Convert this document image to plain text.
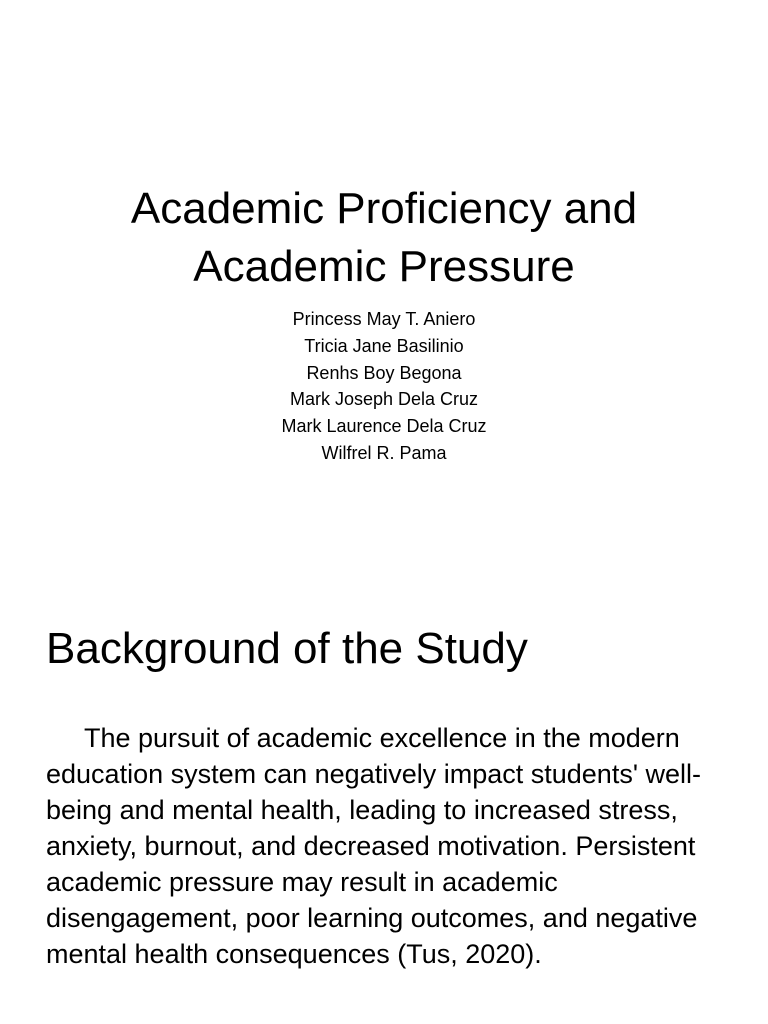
Academic Proficiency and
Academic Pressure
Princess May T. Aniero
Tricia Jane Basilinio
Renhs Boy Begona
Mark Joseph Dela Cruz
Mark Laurence Dela Cruz
Wilfrel R. Pama
Background of the Study

The pursuit of academic excellence in the modern education system can negatively impact students' well-being and mental health, leading to increased stress, anxiety, burnout, and decreased motivation. Persistent academic pressure may result in academic disengagement, poor learning outcomes, and negative mental health consequences (Tus, 2020).
